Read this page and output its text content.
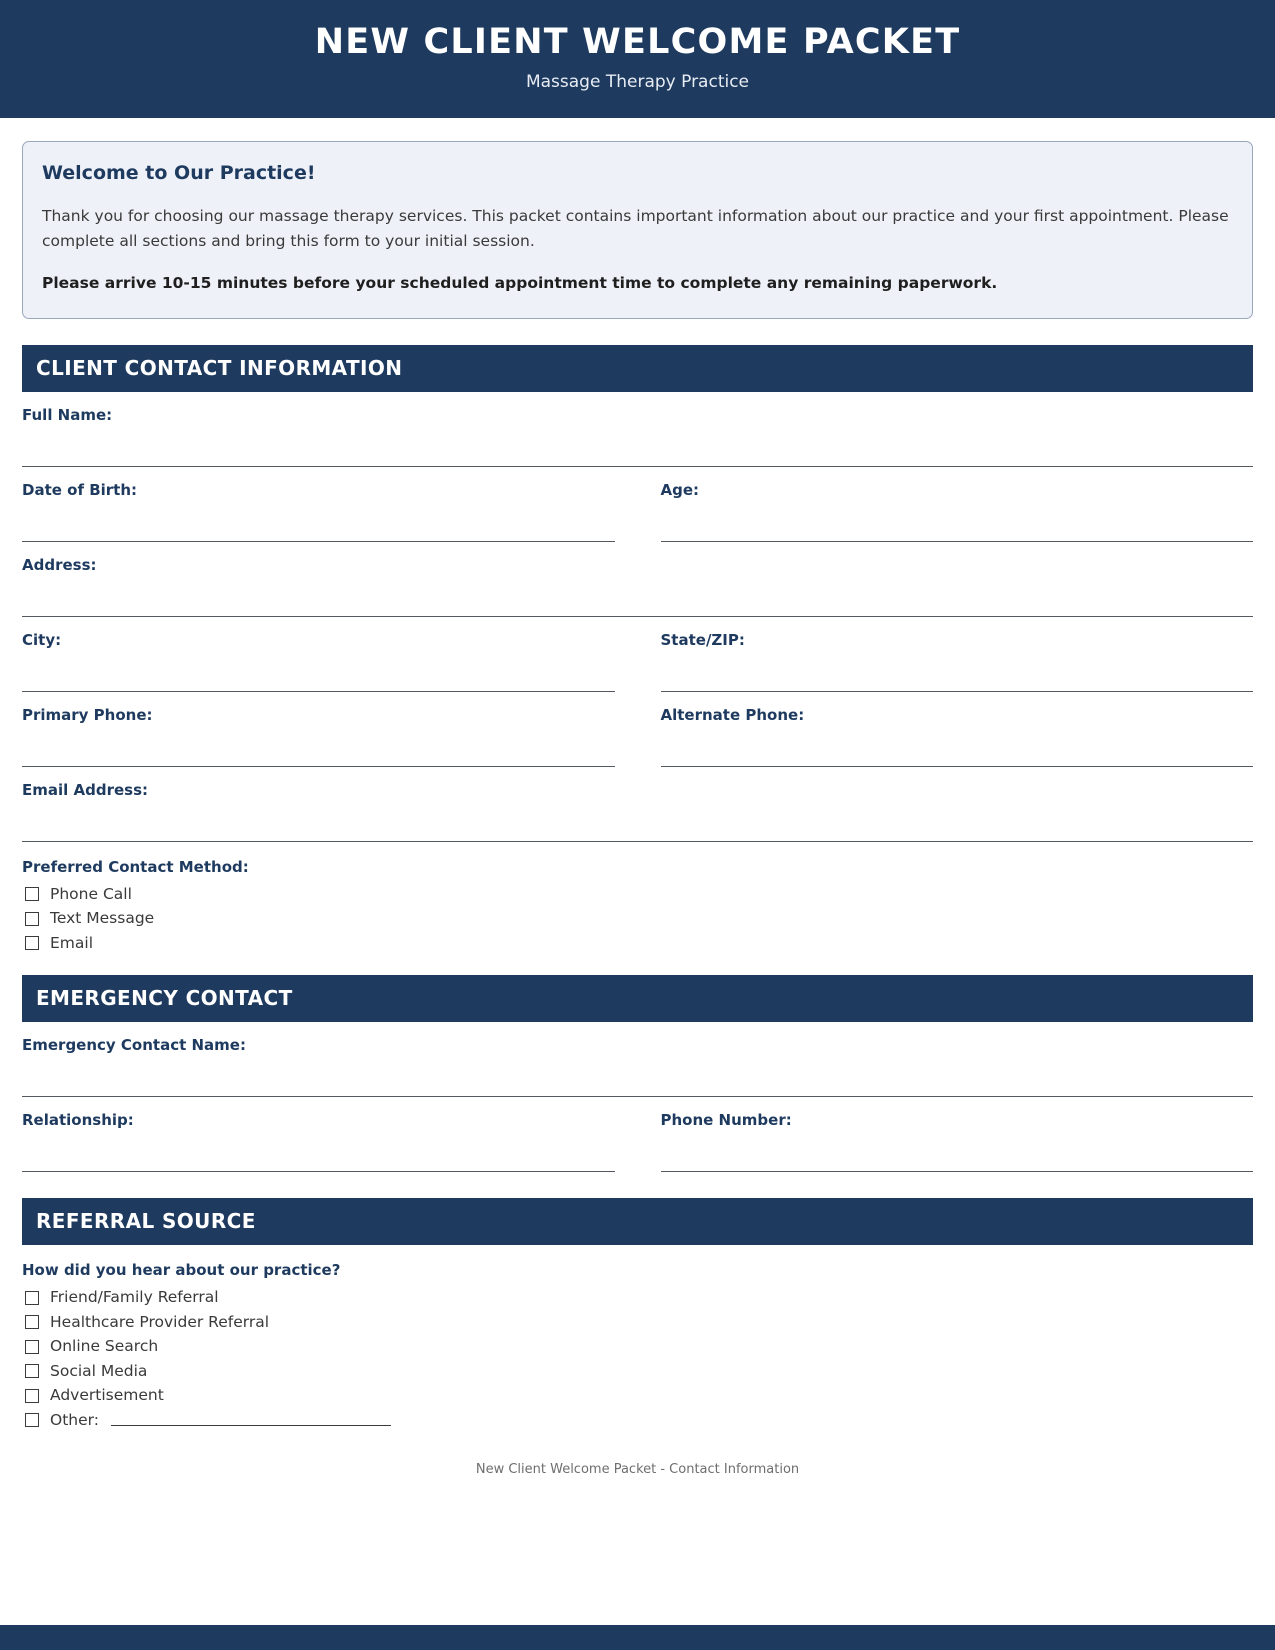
NEW CLIENT WELCOME PACKET
Massage Therapy Practice
Welcome to Our Practice!
Thank you for choosing our massage therapy services. This packet contains important information about our practice and your first appointment. Please complete all sections and bring this form to your initial session.
Please arrive 10-15 minutes before your scheduled appointment time to complete any remaining paperwork.
CLIENT CONTACT INFORMATION
Full Name:
Date of Birth:	Age:
Address:
City:	State/ZIP:
Primary Phone:	Alternate Phone:
Email Address:
Preferred Contact Method:
Phone Call
Text Message
Email
EMERGENCY CONTACT
Emergency Contact Name:
Relationship:	Phone Number:
REFERRAL SOURCE
How did you hear about our practice?
Friend/Family Referral
Healthcare Provider Referral
Online Search
Social Media
Advertisement
Other:
New Client Welcome Packet - Contact Information
